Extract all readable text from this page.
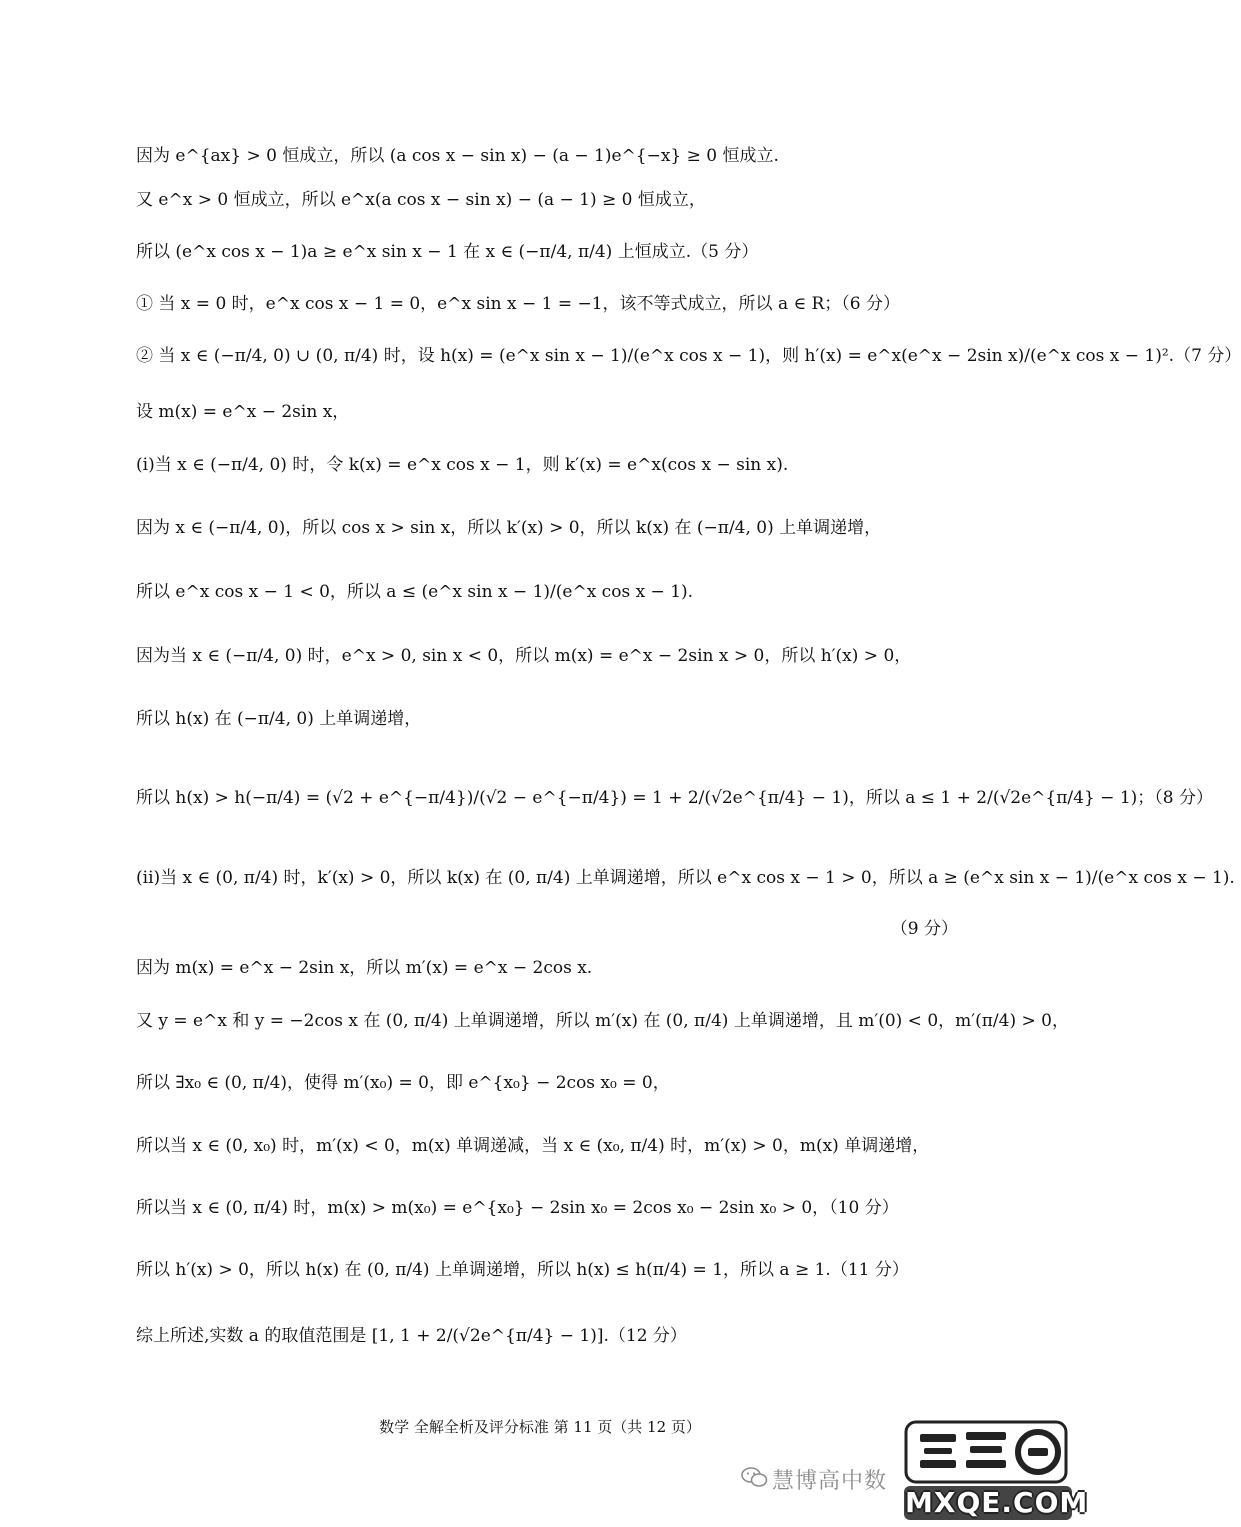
因为 e^{ax} > 0 恒成立，所以 (a cos x − sin x) − (a − 1)e^{−x} ≥ 0 恒成立.
又 e^x > 0 恒成立，所以 e^x(a cos x − sin x) − (a − 1) ≥ 0 恒成立，
所以 (e^x cos x − 1)a ≥ e^x sin x − 1 在 x ∈ (−π/4, π/4) 上恒成立.（5 分）
① 当 x = 0 时，e^x cos x − 1 = 0，e^x sin x − 1 = −1，该不等式成立，所以 a ∈ R；（6 分）
② 当 x ∈ (−π/4, 0) ∪ (0, π/4) 时，设 h(x) = (e^x sin x − 1)/(e^x cos x − 1)，则 h′(x) = e^x(e^x − 2sin x)/(e^x cos x − 1)².（7 分）
设 m(x) = e^x − 2sin x，
(i)当 x ∈ (−π/4, 0) 时，令 k(x) = e^x cos x − 1，则 k′(x) = e^x(cos x − sin x).
因为 x ∈ (−π/4, 0)，所以 cos x > sin x，所以 k′(x) > 0，所以 k(x) 在 (−π/4, 0) 上单调递增，
所以 e^x cos x − 1 < 0，所以 a ≤ (e^x sin x − 1)/(e^x cos x − 1).
因为当 x ∈ (−π/4, 0) 时，e^x > 0, sin x < 0，所以 m(x) = e^x − 2sin x > 0，所以 h′(x) > 0，
所以 h(x) 在 (−π/4, 0) 上单调递增，
所以 h(x) > h(−π/4) = (√2 + e^{−π/4})/(√2 − e^{−π/4}) = 1 + 2/(√2e^{π/4} − 1)，所以 a ≤ 1 + 2/(√2e^{π/4} − 1)；（8 分）
(ii)当 x ∈ (0, π/4) 时，k′(x) > 0，所以 k(x) 在 (0, π/4) 上单调递增，所以 e^x cos x − 1 > 0，所以 a ≥ (e^x sin x − 1)/(e^x cos x − 1).
（9 分）
因为 m(x) = e^x − 2sin x，所以 m′(x) = e^x − 2cos x.
又 y = e^x 和 y = −2cos x 在 (0, π/4) 上单调递增，所以 m′(x) 在 (0, π/4) 上单调递增，且 m′(0) < 0，m′(π/4) > 0，
所以 ∃x₀ ∈ (0, π/4)，使得 m′(x₀) = 0，即 e^{x₀} − 2cos x₀ = 0，
所以当 x ∈ (0, x₀) 时，m′(x) < 0，m(x) 单调递减，当 x ∈ (x₀, π/4) 时，m′(x) > 0，m(x) 单调递增，
所以当 x ∈ (0, π/4) 时，m(x) > m(x₀) = e^{x₀} − 2sin x₀ = 2cos x₀ − 2sin x₀ > 0，（10 分）
所以 h′(x) > 0，所以 h(x) 在 (0, π/4) 上单调递增，所以 h(x) ≤ h(π/4) = 1，所以 a ≥ 1.（11 分）
综上所述,实数 a 的取值范围是 [1, 1 + 2/(√2e^{π/4} − 1)].（12 分）
数学 全解全析及评分标准 第 11 页（共 12 页）
慧博高中数
MXQE.COM
